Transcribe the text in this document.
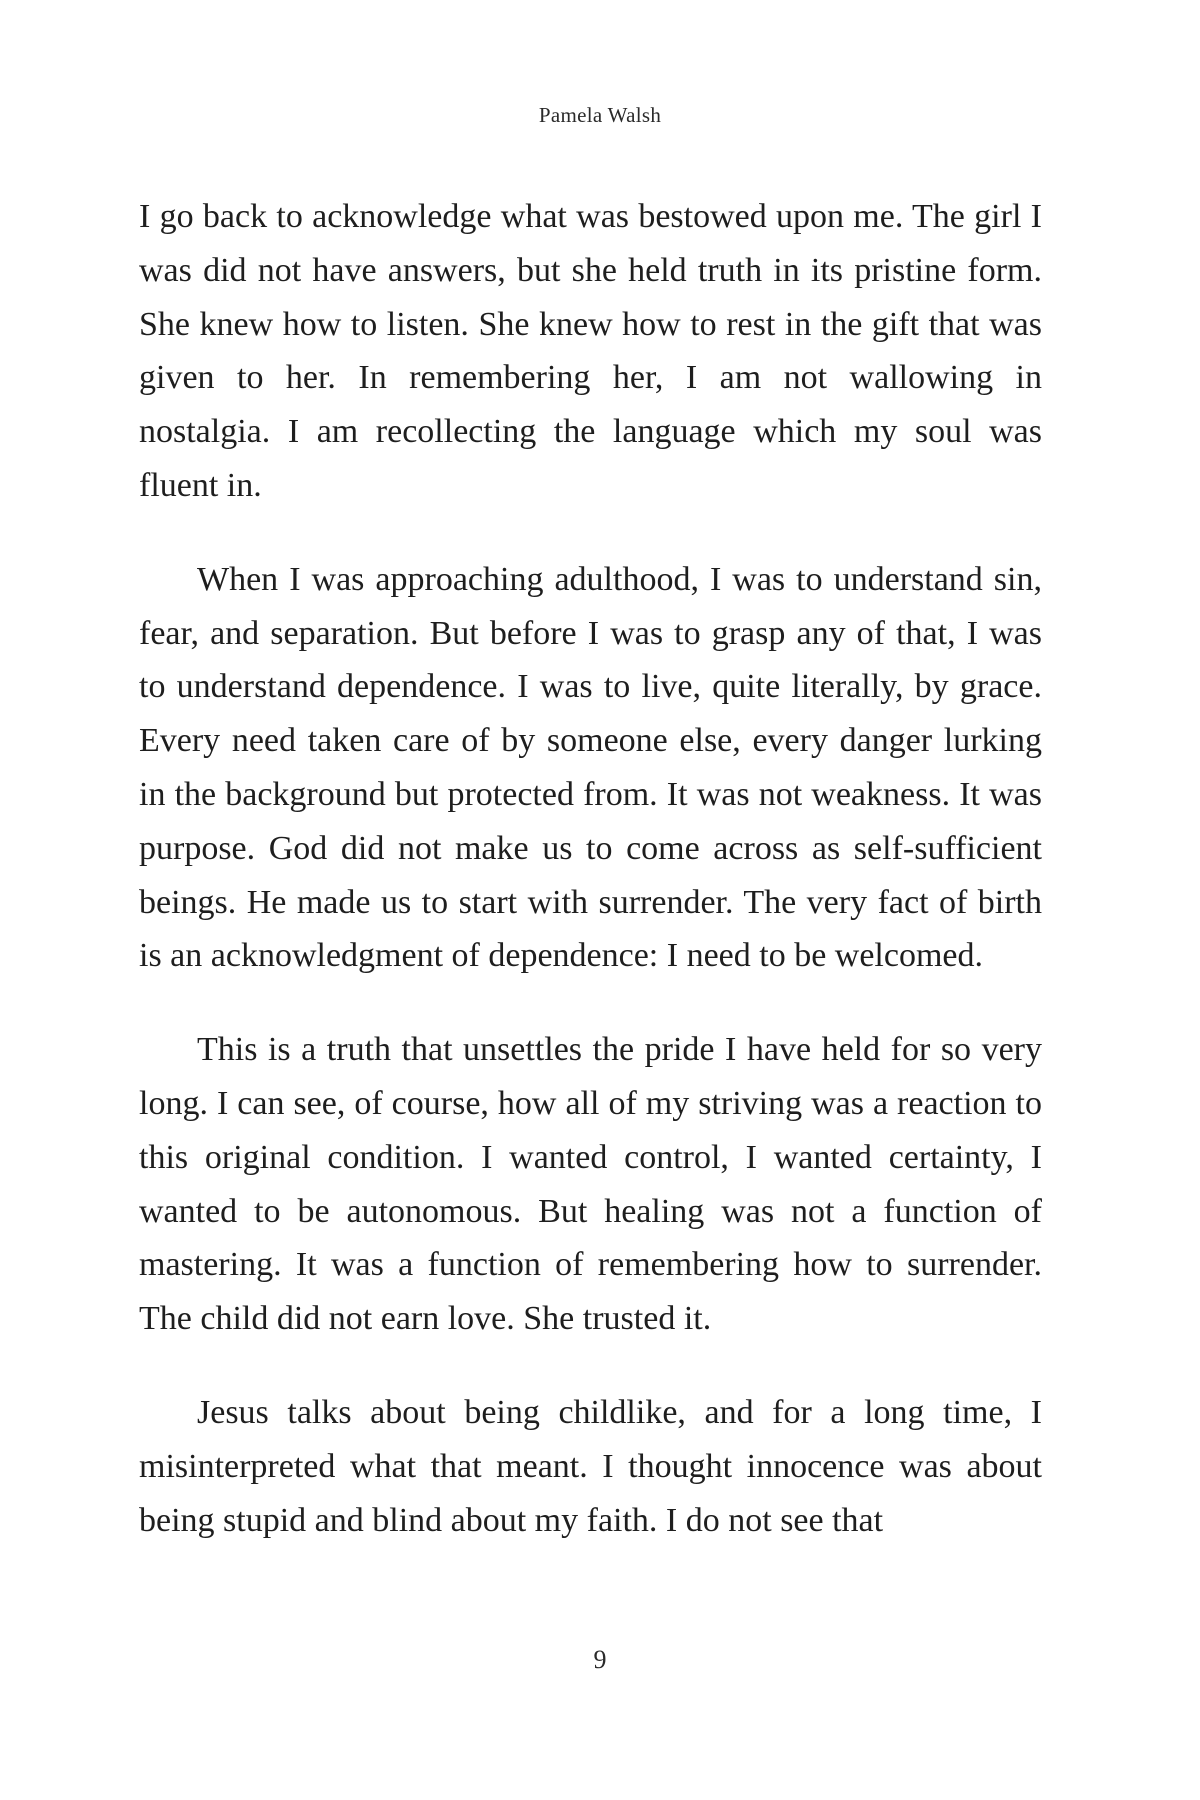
Pamela Walsh

I go back to acknowledge what was bestowed upon me. The girl I was did not have answers, but she held truth in its pristine form. She knew how to listen. She knew how to rest in the gift that was given to her. In remembering her, I am not wallowing in nostalgia. I am recollecting the language which my soul was fluent in.

When I was approaching adulthood, I was to understand sin, fear, and separation. But before I was to grasp any of that, I was to understand dependence. I was to live, quite literally, by grace. Every need taken care of by someone else, every danger lurking in the background but protected from. It was not weakness. It was purpose. God did not make us to come across as self-sufficient beings. He made us to start with surrender. The very fact of birth is an acknowledgment of dependence: I need to be welcomed.

This is a truth that unsettles the pride I have held for so very long. I can see, of course, how all of my striving was a reaction to this original condition. I wanted control, I wanted certainty, I wanted to be autonomous. But healing was not a function of mastering. It was a function of remembering how to surrender. The child did not earn love. She trusted it.

Jesus talks about being childlike, and for a long time, I misinterpreted what that meant. I thought innocence was about being stupid and blind about my faith. I do not see that

9
